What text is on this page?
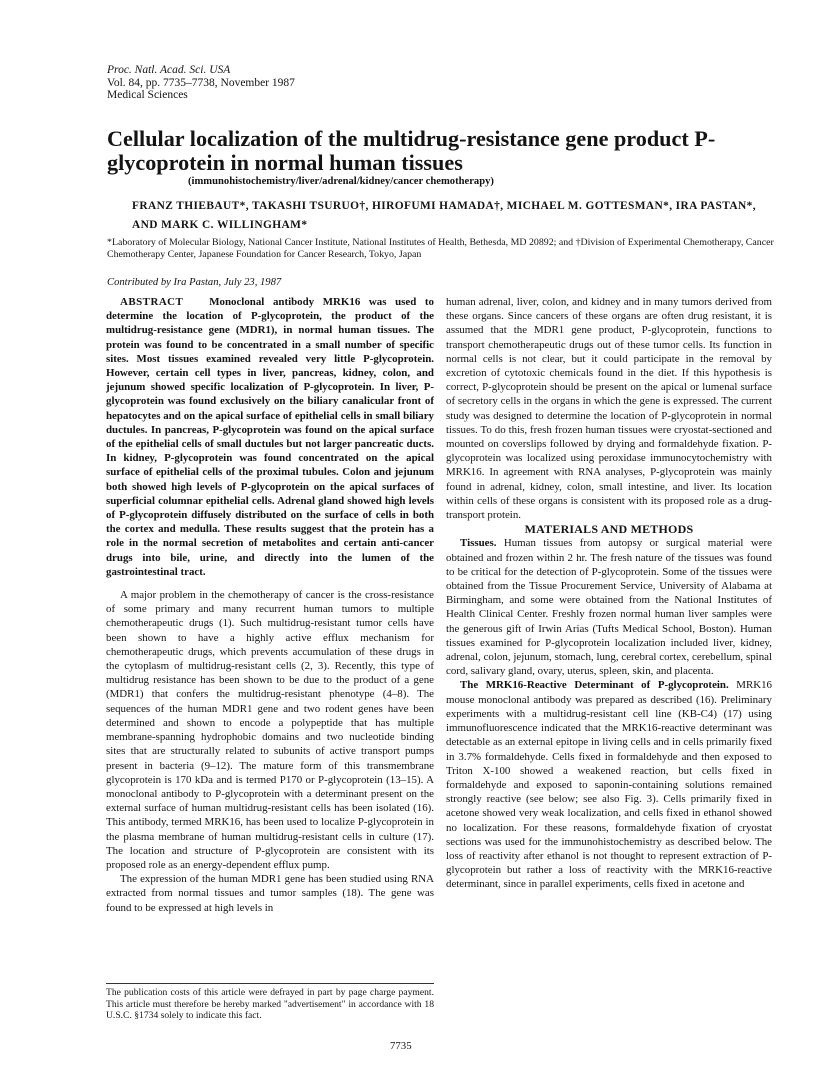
Proc. Natl. Acad. Sci. USA
Vol. 84, pp. 7735–7738, November 1987
Medical Sciences
Cellular localization of the multidrug-resistance gene product P-glycoprotein in normal human tissues
(immunohistochemistry/liver/adrenal/kidney/cancer chemotherapy)
FRANZ THIEBAUT*, TAKASHI TSURUO†, HIROFUMI HAMADA†, MICHAEL M. GOTTESMAN*, IRA PASTAN*, AND MARK C. WILLINGHAM*
*Laboratory of Molecular Biology, National Cancer Institute, National Institutes of Health, Bethesda, MD 20892; and †Division of Experimental Chemotherapy, Cancer Chemotherapy Center, Japanese Foundation for Cancer Research, Tokyo, Japan
Contributed by Ira Pastan, July 23, 1987

ABSTRACT Monoclonal antibody MRK16 was used to determine the location of P-glycoprotein, the product of the multidrug-resistance gene (MDR1), in normal human tissues. The protein was found to be concentrated in a small number of specific sites. Most tissues examined revealed very little P-glycoprotein. However, certain cell types in liver, pancreas, kidney, colon, and jejunum showed specific localization of P-glycoprotein. In liver, P-glycoprotein was found exclusively on the biliary canalicular front of hepatocytes and on the apical surface of epithelial cells in small biliary ductules. In pancreas, P-glycoprotein was found on the apical surface of the epithelial cells of small ductules but not larger pancreatic ducts. In kidney, P-glycoprotein was found concentrated on the apical surface of epithelial cells of the proximal tubules. Colon and jejunum both showed high levels of P-glycoprotein on the apical surfaces of superficial columnar epithelial cells. Adrenal gland showed high levels of P-glycoprotein diffusely distributed on the surface of cells in both the cortex and medulla. These results suggest that the protein has a role in the normal secretion of metabolites and certain anti-cancer drugs into bile, urine, and directly into the lumen of the gastrointestinal tract.

A major problem in the chemotherapy of cancer is the cross-resistance of some primary and many recurrent human tumors to multiple chemotherapeutic drugs (1). Such multidrug-resistant tumor cells have been shown to have a highly active efflux mechanism for chemotherapeutic drugs, which prevents accumulation of these drugs in the cytoplasm of multidrug-resistant cells (2, 3). Recently, this type of multidrug resistance has been shown to be due to the product of a gene (MDR1) that confers the multidrug-resistant phenotype (4–8). The sequences of the human MDR1 gene and two rodent genes have been determined and shown to encode a polypeptide that has multiple membrane-spanning hydrophobic domains and two nucleotide binding sites that are structurally related to subunits of active transport pumps present in bacteria (9–12). The mature form of this transmembrane glycoprotein is 170 kDa and is termed P170 or P-glycoprotein (13–15). A monoclonal antibody to P-glycoprotein with a determinant present on the external surface of human multidrug-resistant cells has been isolated (16). This antibody, termed MRK16, has been used to localize P-glycoprotein in the plasma membrane of human multidrug-resistant cells in culture (17). The location and structure of P-glycoprotein are consistent with its proposed role as an energy-dependent efflux pump.

The expression of the human MDR1 gene has been studied using RNA extracted from normal tissues and tumor samples (18). The gene was found to be expressed at high levels in

human adrenal, liver, colon, and kidney and in many tumors derived from these organs. Since cancers of these organs are often drug resistant, it is assumed that the MDR1 gene product, P-glycoprotein, functions to transport chemotherapeutic drugs out of these tumor cells. Its function in normal cells is not clear, but it could participate in the removal by excretion of cytotoxic chemicals found in the diet. If this hypothesis is correct, P-glycoprotein should be present on the apical or lumenal surface of secretory cells in the organs in which the gene is expressed. The current study was designed to determine the location of P-glycoprotein in normal tissues. To do this, fresh frozen human tissues were cryostat-sectioned and mounted on coverslips followed by drying and formaldehyde fixation. P-glycoprotein was localized using peroxidase immunocytochemistry with MRK16. In agreement with RNA analyses, P-glycoprotein was mainly found in adrenal, kidney, colon, small intestine, and liver. Its location within cells of these organs is consistent with its proposed role as a drug-transport protein.

MATERIALS AND METHODS

Tissues. Human tissues from autopsy or surgical material were obtained and frozen within 2 hr. The fresh nature of the tissues was found to be critical for the detection of P-glycoprotein. Some of the tissues were obtained from the Tissue Procurement Service, University of Alabama at Birmingham, and some were obtained from the National Institutes of Health Clinical Center. Freshly frozen normal human liver samples were the generous gift of Irwin Arias (Tufts Medical School, Boston). Human tissues examined for P-glycoprotein localization included liver, kidney, adrenal, colon, jejunum, stomach, lung, cerebral cortex, cerebellum, spinal cord, salivary gland, ovary, uterus, spleen, skin, and placenta.

The MRK16-Reactive Determinant of P-glycoprotein. MRK16 mouse monoclonal antibody was prepared as described (16). Preliminary experiments with a multidrug-resistant cell line (KB-C4) (17) using immunofluorescence indicated that the MRK16-reactive determinant was detectable as an external epitope in living cells and in cells primarily fixed in 3.7% formaldehyde. Cells fixed in formaldehyde and then exposed to Triton X-100 showed a weakened reaction, but cells fixed in formaldehyde and exposed to saponin-containing solutions remained strongly reactive (see below; see also Fig. 3). Cells primarily fixed in acetone showed very weak localization, and cells fixed in ethanol showed no localization. For these reasons, formaldehyde fixation of cryostat sections was used for the immunohistochemistry as described below. The loss of reactivity after ethanol is not thought to represent extraction of P-glycoprotein but rather a loss of reactivity with the MRK16-reactive determinant, since in parallel experiments, cells fixed in acetone and

The publication costs of this article were defrayed in part by page charge payment. This article must therefore be hereby marked "advertisement" in accordance with 18 U.S.C. §1734 solely to indicate this fact.
7735
